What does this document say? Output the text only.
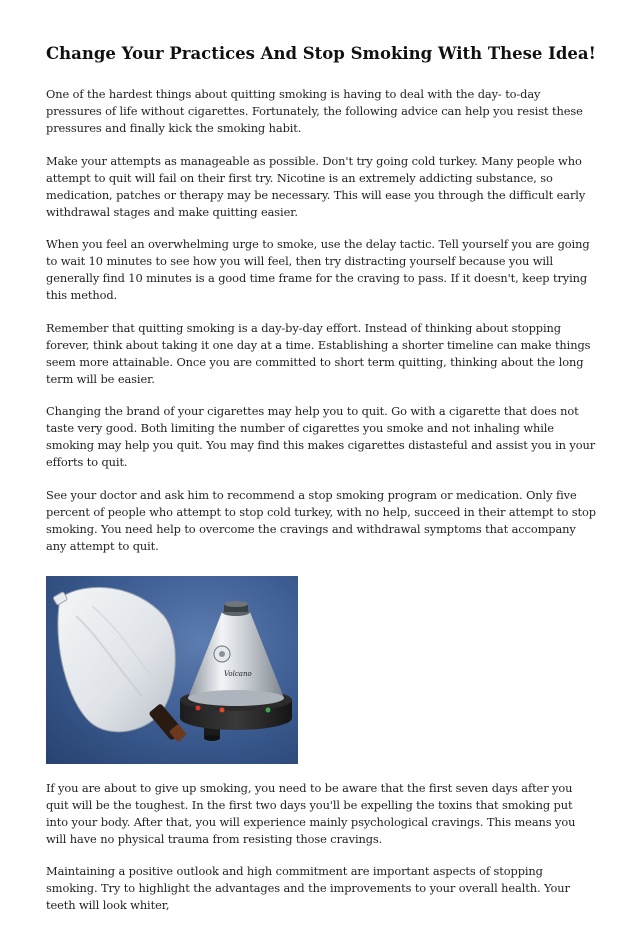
Change Your Practices And Stop Smoking With These Idea!

One of the hardest things about quitting smoking is having to deal with the day- to-day pressures of life without cigarettes. Fortunately, the following advice can help you resist these pressures and finally kick the smoking habit.

Make your attempts as manageable as possible. Don't try going cold turkey. Many people who attempt to quit will fail on their first try. Nicotine is an extremely addicting substance, so medication, patches or therapy may be necessary. This will ease you through the difficult early withdrawal stages and make quitting easier.

When you feel an overwhelming urge to smoke, use the delay tactic. Tell yourself you are going to wait 10 minutes to see how you will feel, then try distracting yourself because you will generally find 10 minutes is a good time frame for the craving to pass. If it doesn't, keep trying this method.

Remember that quitting smoking is a day-by-day effort. Instead of thinking about stopping forever, think about taking it one day at a time. Establishing a shorter timeline can make things seem more attainable. Once you are committed to short term quitting, thinking about the long term will be easier.

Changing the brand of your cigarettes may help you to quit. Go with a cigarette that does not taste very good. Both limiting the number of cigarettes you smoke and not inhaling while smoking may help you quit. You may find this makes cigarettes distasteful and assist you in your efforts to quit.

See your doctor and ask him to recommend a stop smoking program or medication. Only five percent of people who attempt to stop cold turkey, with no help, succeed in their attempt to stop smoking. You need help to overcome the cravings and withdrawal symptoms that accompany any attempt to quit.

Volcano

If you are about to give up smoking, you need to be aware that the first seven days after you quit will be the toughest. In the first two days you'll be expelling the toxins that smoking put into your body. After that, you will experience mainly psychological cravings. This means you will have no physical trauma from resisting those cravings.

Maintaining a positive outlook and high commitment are important aspects of stopping smoking. Try to highlight the advantages and the improvements to your overall health. Your teeth will look whiter,
